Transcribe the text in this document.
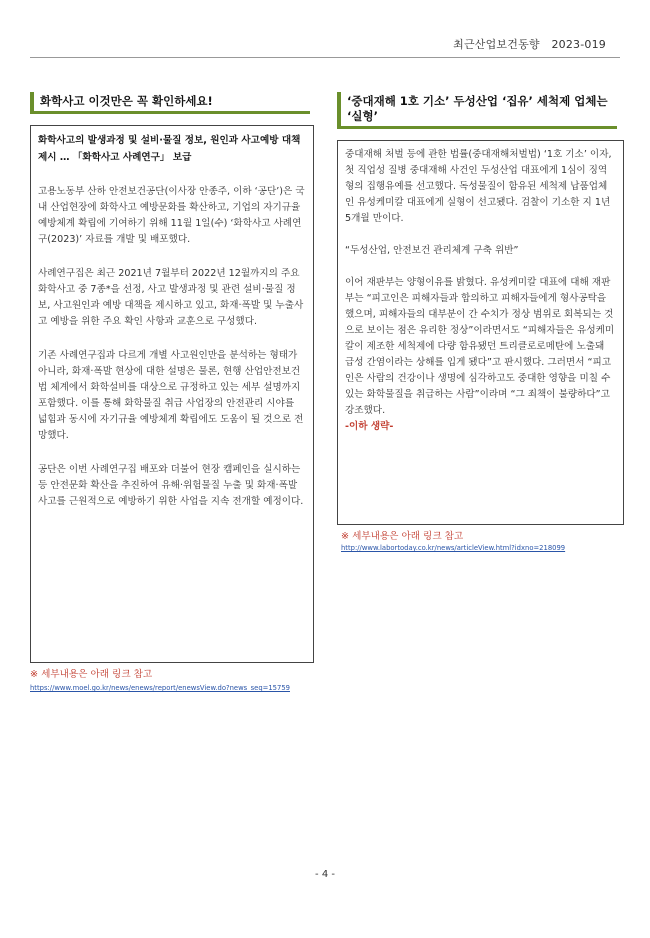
최근산업보건동향 2023-019
화학사고 이것만은 꼭 확인하세요!

화학사고의 발생과정 및 설비·물질 정보, 원인과 사고예방 대책 제시 … 「화학사고 사례연구」 보급

고용노동부 산하 안전보건공단(이사장 안종주, 이하 ‘공단’)은 국내 산업현장에 화학사고 예방문화를 확산하고, 기업의 자기규율 예방체계 확립에 기여하기 위해 11월 1일(수) ‘화학사고 사례연구(2023)’ 자료를 개발 및 배포했다.

사례연구집은 최근 2021년 7월부터 2022년 12월까지의 주요 화학사고 중 7종*을 선정, 사고 발생과정 및 관련 설비·물질 정보, 사고원인과 예방 대책을 제시하고 있고, 화재·폭발 및 누출사고 예방을 위한 주요 확인 사항과 교훈으로 구성했다.

기존 사례연구집과 다르게 개별 사고원인만을 분석하는 형태가 아니라, 화재·폭발 현상에 대한 설명은 물론, 현행 산업안전보건법 체계에서 화학설비를 대상으로 규정하고 있는 세부 설명까지 포함했다. 이를 통해 화학물질 취급 사업장의 안전관리 시야를 넓힘과 동시에 자기규율 예방체계 확립에도 도움이 될 것으로 전망했다.

공단은 이번 사례연구집 배포와 더불어 현장 캠페인을 실시하는 등 안전문화 확산을 추진하여 유해·위험물질 누출 및 화재·폭발사고를 근원적으로 예방하기 위한 사업을 지속 전개할 예정이다.

※ 세부내용은 아래 링크 참고
https://www.moel.go.kr/news/enews/report/enewsView.do?news_seq=15759
‘중대재해 1호 기소’ 두성산업 ‘집유’ 세척제 업체는 ‘실형’

중대재해 처벌 등에 관한 법률(중대재해처벌법) ‘1호 기소’ 이자, 첫 직업성 질병 중대재해 사건인 두성산업 대표에게 1심이 징역형의 집행유예를 선고했다. 독성물질이 함유된 세척제 납품업체인 유성케미칼 대표에게 실형이 선고됐다. 검찰이 기소한 지 1년5개월 만이다.

“두성산업, 안전보건 관리체계 구축 위반”

이어 재판부는 양형이유를 밝혔다. 유성케미칼 대표에 대해 재판부는 “피고인은 피해자들과 합의하고 피해자들에게 형사공탁을 했으며, 피해자들의 대부분이 간 수치가 정상 범위로 회복되는 것으로 보이는 점은 유리한 정상”이라면서도 “피해자들은 유성케미칼이 제조한 세척제에 다량 함유됐던 트리클로로메탄에 노출돼 급성 간염이라는 상해를 입게 됐다”고 판시했다. 그러면서 “피고인은 사람의 건강이나 생명에 심각하고도 중대한 영향을 미칠 수 있는 화학물질을 취급하는 사람”이라며 “그 죄책이 불량하다”고 강조했다.

-이하 생략-

※ 세부내용은 아래 링크 참고
http://www.labortoday.co.kr/news/articleView.html?idxno=218099
- 4 -
